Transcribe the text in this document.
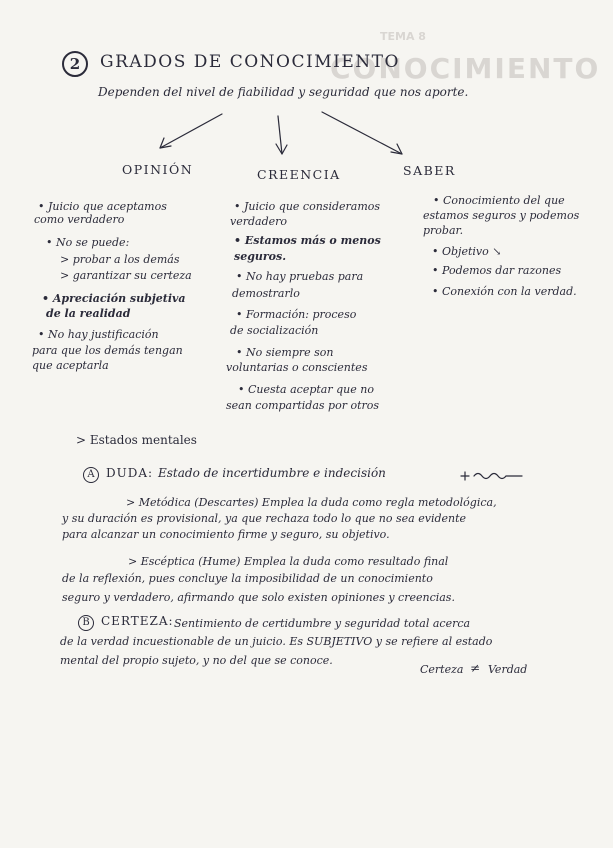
TEMA 8
CONOCIMIENTO
2	GRADOS DE CONOCIMIENTO
Dependen del nivel de fiabilidad y seguridad que nos aporte.
OPINIÓN	CREENCIA	SABER
• Juicio que aceptamos
como verdadero
• No se puede:
> probar a los demás
> garantizar su certeza
• Apreciación subjetiva
de la realidad
• No hay justificación
para que los demás tengan
que aceptarla
• Juicio que consideramos
verdadero
• Estamos más o menos
seguros.
• No hay pruebas para
demostrarlo
• Formación: proceso
de socialización
• No siempre son
voluntarias o conscientes
• Cuesta aceptar que no
sean compartidas por otros
• Conocimiento del que
estamos seguros y podemos
probar.
• Objetivo ↘
• Podemos dar razones
• Conexión con la verdad.
> Estados mentales
A DUDA: Estado de incertidumbre e indecisión
> Metódica (Descartes) Emplea la duda como regla metodológica,
y su duración es provisional, ya que rechaza todo lo que no sea evidente
para alcanzar un conocimiento firme y seguro, su objetivo.
> Escéptica (Hume) Emplea la duda como resultado final
de la reflexión, pues concluye la imposibilidad de un conocimiento
seguro y verdadero, afirmando que solo existen opiniones y creencias.
B CERTEZA: Sentimiento de certidumbre y seguridad total acerca
de la verdad incuestionable de un juicio. Es SUBJETIVO y se refiere al estado
mental del propio sujeto, y no del que se conoce.
Certeza ≠ Verdad
